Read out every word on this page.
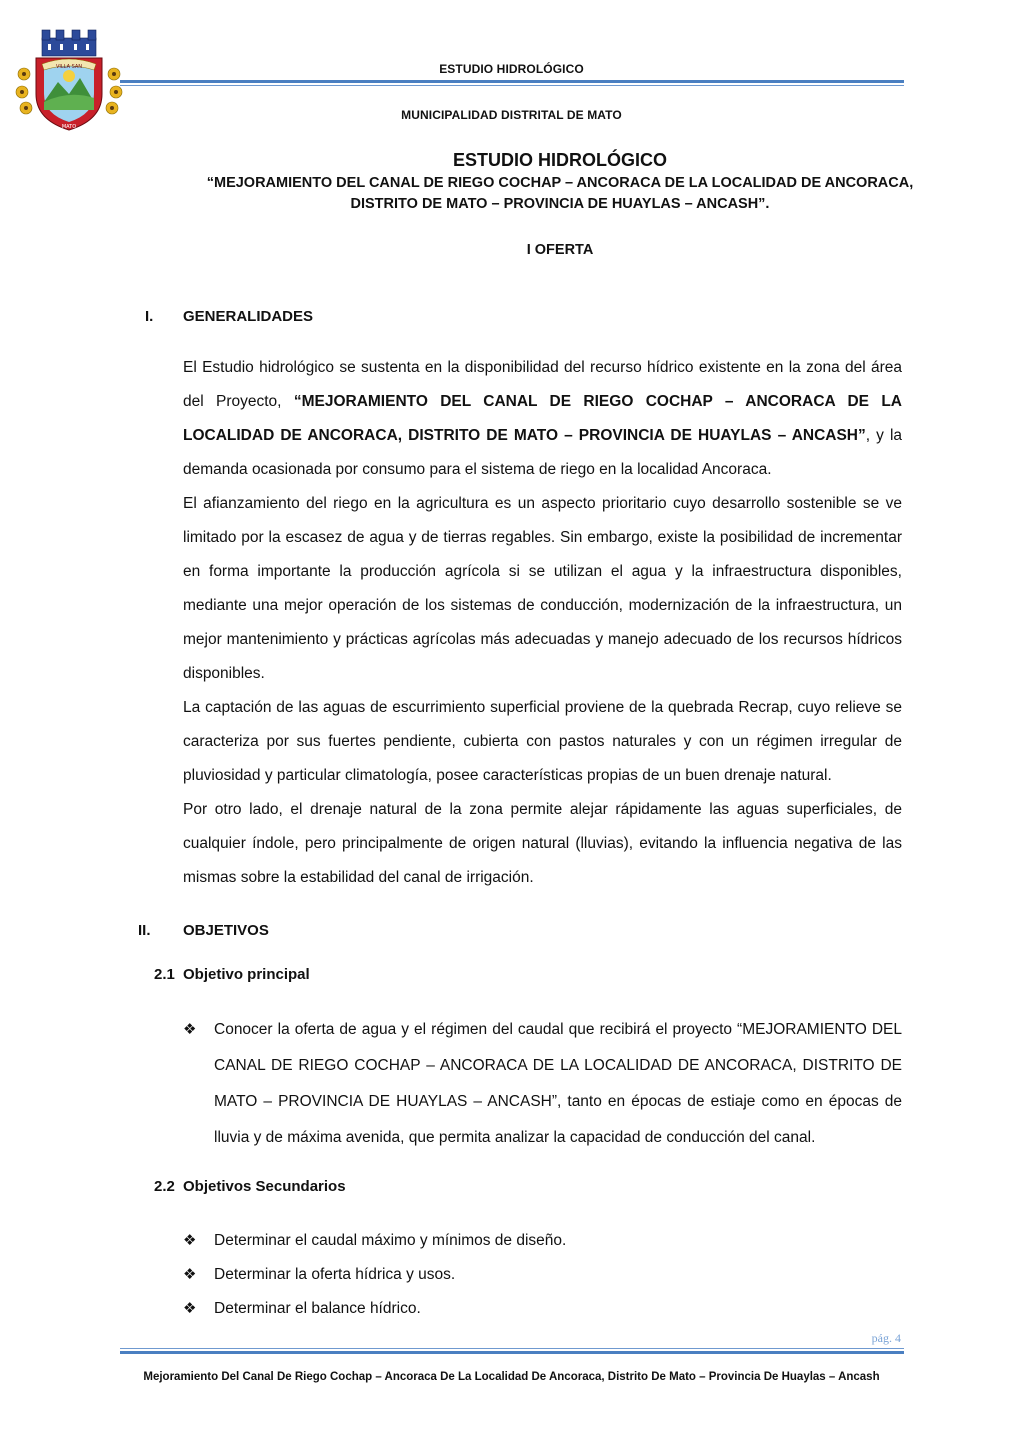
VILLA SAN
MATO
ESTUDIO HIDROLÓGICO
MUNICIPALIDAD DISTRITAL DE MATO
ESTUDIO HIDROLÓGICO
“MEJORAMIENTO DEL CANAL DE RIEGO COCHAP – ANCORACA DE LA LOCALIDAD DE ANCORACA,
DISTRITO DE MATO – PROVINCIA DE HUAYLAS – ANCASH”.
I OFERTA
I. GENERALIDADES

El Estudio hidrológico se sustenta en la disponibilidad del recurso hídrico existente en la zona del área del Proyecto, “MEJORAMIENTO DEL CANAL DE RIEGO COCHAP – ANCORACA DE LA LOCALIDAD DE ANCORACA, DISTRITO DE MATO – PROVINCIA DE HUAYLAS – ANCASH”, y la demanda ocasionada por consumo para el sistema de riego en la localidad Ancoraca.

El afianzamiento del riego en la agricultura es un aspecto prioritario cuyo desarrollo sostenible se ve limitado por la escasez de agua y de tierras regables. Sin embargo, existe la posibilidad de incrementar en forma importante la producción agrícola si se utilizan el agua y la infraestructura disponibles, mediante una mejor operación de los sistemas de conducción, modernización de la infraestructura, un mejor mantenimiento y prácticas agrícolas más adecuadas y manejo adecuado de los recursos hídricos disponibles.

La captación de las aguas de escurrimiento superficial proviene de la quebrada Recrap, cuyo relieve se caracteriza por sus fuertes pendiente, cubierta con pastos naturales y con un régimen irregular de pluviosidad y particular climatología, posee características propias de un buen drenaje natural.

Por otro lado, el drenaje natural de la zona permite alejar rápidamente las aguas superficiales, de cualquier índole, pero principalmente de origen natural (lluvias), evitando la influencia negativa de las mismas sobre la estabilidad del canal de irrigación.

II. OBJETIVOS
2.1 Objetivo principal
❖ Conocer la oferta de agua y el régimen del caudal que recibirá el proyecto “MEJORAMIENTO DEL CANAL DE RIEGO COCHAP – ANCORACA DE LA LOCALIDAD DE ANCORACA, DISTRITO DE MATO – PROVINCIA DE HUAYLAS – ANCASH”, tanto en épocas de estiaje como en épocas de lluvia y de máxima avenida, que permita analizar la capacidad de conducción del canal.
2.2 Objetivos Secundarios
❖ Determinar el caudal máximo y mínimos de diseño.
❖ Determinar la oferta hídrica y usos.
❖ Determinar el balance hídrico.
pág. 4
Mejoramiento Del Canal De Riego Cochap – Ancoraca De La Localidad De Ancoraca, Distrito De Mato – Provincia De Huaylas – Ancash
